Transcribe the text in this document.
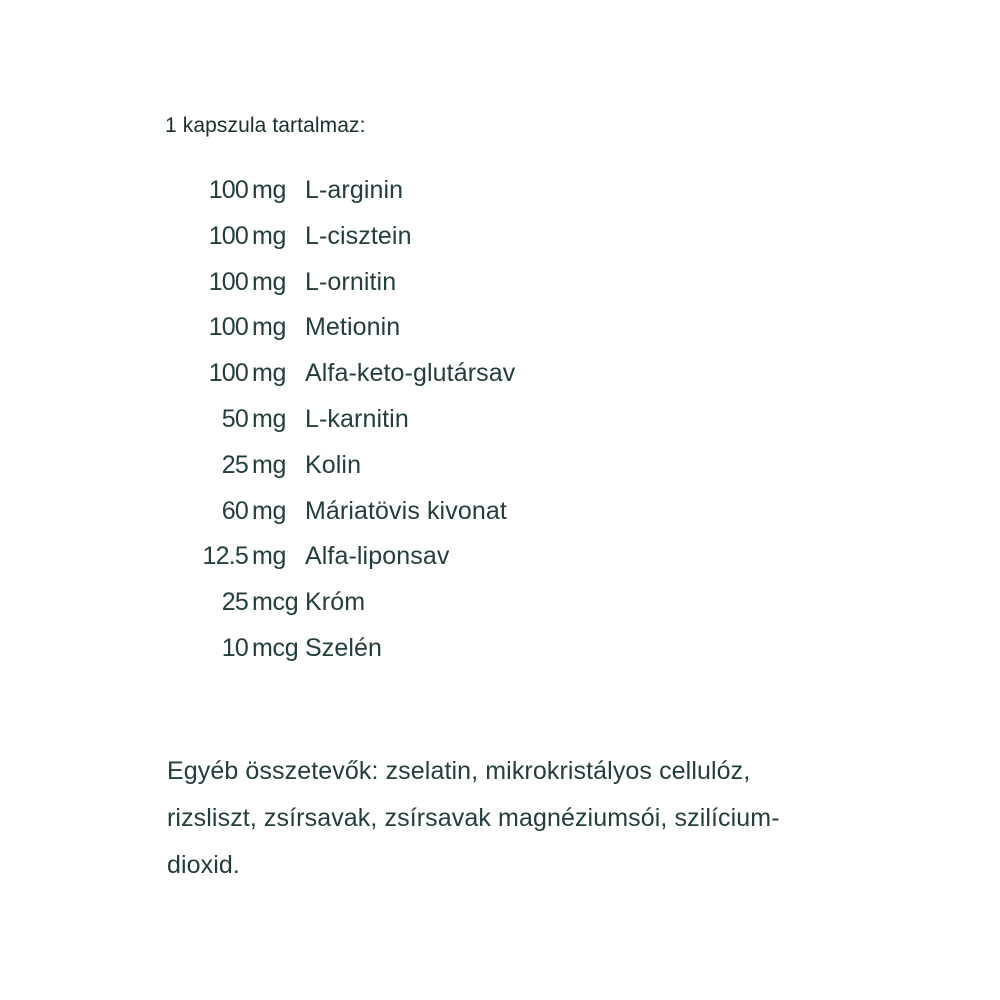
1 kapszula tartalmaz:
100 mg L-arginin
100 mg L-cisztein
100 mg L-ornitin
100 mg Metionin
100 mg Alfa-keto-glutársav
50 mg L-karnitin
25 mg Kolin
60 mg Máriatövis kivonat
12.5 mg Alfa-liponsav
25 mcg Króm
10 mcg Szelén
Egyéb összetevők: zselatin, mikrokristályos cellulóz,
rizsliszt, zsírsavak, zsírsavak magnéziumsói, szilícium-
dioxid.
